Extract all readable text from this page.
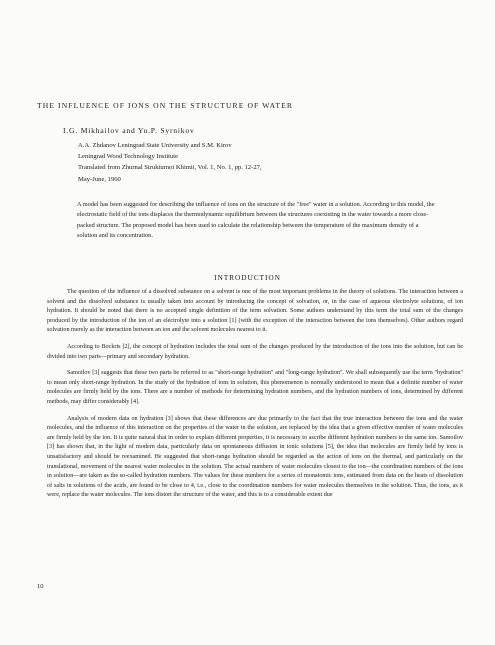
THE INFLUENCE OF IONS ON THE STRUCTURE OF WATER
I.G. Mikhailov and Yu.P. Syrnikov
A.A. Zhdanov Leningrad State University and S.M. Kirov
Leningrad Wood Technology Institute
Translated from Zhurnal Strukturnoi Khimii, Vol. 1, No. 1, pp. 12-27,
May-June, 1960
A model has been suggested for describing the influence of ions on the structure of the "free" water in a solution. According to this model, the electrostatic field of the ions displaces the thermodynamic equilibrium between the structures coexisting in the water towards a more close-packed structure. The proposed model has been used to calculate the relationship between the temperature of the maximum density of a solution and its concentration.
INTRODUCTION

The question of the influence of a dissolved substance on a solvent is one of the most important problems in the theory of solutions. The interaction between a solvent and the dissolved substance is usually taken into account by introducing the concept of solvation, or, in the case of aqueous electrolyte solutions, of ion hydration. It should be noted that there is no accepted single definition of the term solvation. Some authors understand by this term the total sum of the changes produced by the introduction of the ion of an electrolyte into a solution [1] (with the exception of the interaction between the ions themselves). Other authors regard solvation merely as the interaction between an ion and the solvent molecules nearest to it.

According to Bockris [2], the concept of hydration includes the total sum of the changes produced by the introduction of the ions into the solution, but can be divided into two parts—primary and secondary hydration.

Samoilov [3] suggests that these two parts be referred to as "short-range hydration" and "long-range hydration". We shall subsequently use the term "hydration" to mean only short-range hydration. In the study of the hydration of ions in solution, this phenomenon is normally understood to mean that a definite number of water molecules are firmly held by the ions. There are a number of methods for determining hydration numbers, and the hydration numbers of ions, determined by different methods, may differ considerably [4].

Analysis of modern data on hydration [3] shows that these differences are due primarily to the fact that the true interaction between the ions and the water molecules, and the influence of this interaction on the properties of the water in the solution, are replaced by the idea that a given effective number of water molecules are firmly held by the ion. It is quite natural that in order to explain different properties, it is necessary to ascribe different hydration numbers to the same ion. Samoilov [3] has shown that, in the light of modern data, particularly data on spontaneous diffusion in ionic solutions [5], the idea that molecules are firmly held by ions is unsatisfactory and should be reexamined. He suggested that short-range hydration should be regarded as the action of ions on the thermal, and particularly on the translational, movement of the nearest water molecules in the solution. The actual numbers of water molecules closest to the ion—the coordination numbers of the ions in solution—are taken as the so-called hydration numbers. The values for these numbers for a series of monatomic ions, estimated from data on the heats of dissolution of salts in solutions of the acids, are found to be close to 4, i.e., close to the coordination numbers for water molecules themselves in the solution. Thus, the ions, as it were, replace the water molecules. The ions distort the structure of the water, and this is to a considerable extent due

10
